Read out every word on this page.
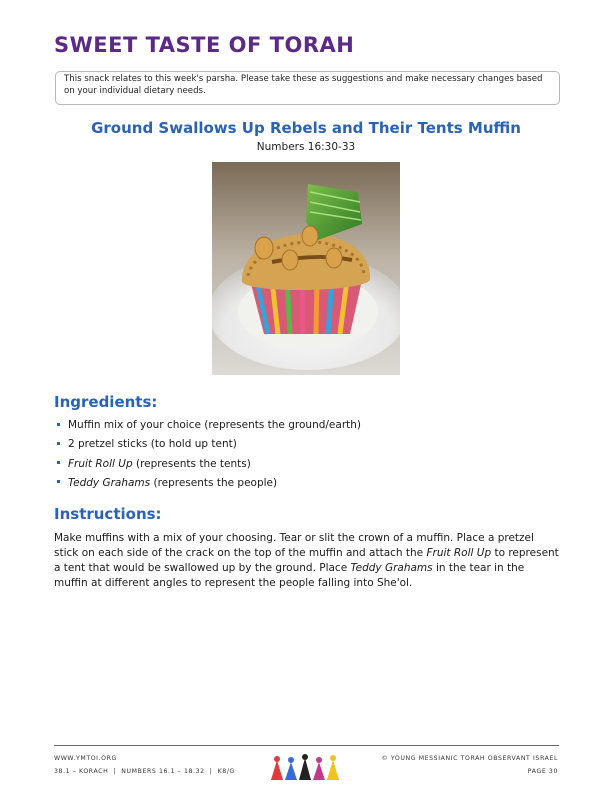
SWEET TASTE OF TORAH
This snack relates to this week's parsha. Please take these as suggestions and make necessary changes based on your individual dietary needs.
Ground Swallows Up Rebels and Their Tents Muffin
Numbers 16:30-33
Ingredients:
Muffin mix of your choice (represents the ground/earth)
2 pretzel sticks (to hold up tent)
Fruit Roll Up (represents the tents)
Teddy Grahams (represents the people)
Instructions:

Make muffins with a mix of your choosing. Tear or slit the crown of a muffin. Place a pretzel stick on each side of the crack on the top of the muffin and attach the Fruit Roll Up to represent a tent that would be swallowed up by the ground. Place Teddy Grahams in the tear in the muffin at different angles to represent the people falling into She'ol.

WWW.YMTOI.ORG
38.1 – KORACH  |  NUMBERS 16.1 – 18.32  |  K8/G
© YOUNG MESSIANIC TORAH OBSERVANT ISRAEL
PAGE 30
